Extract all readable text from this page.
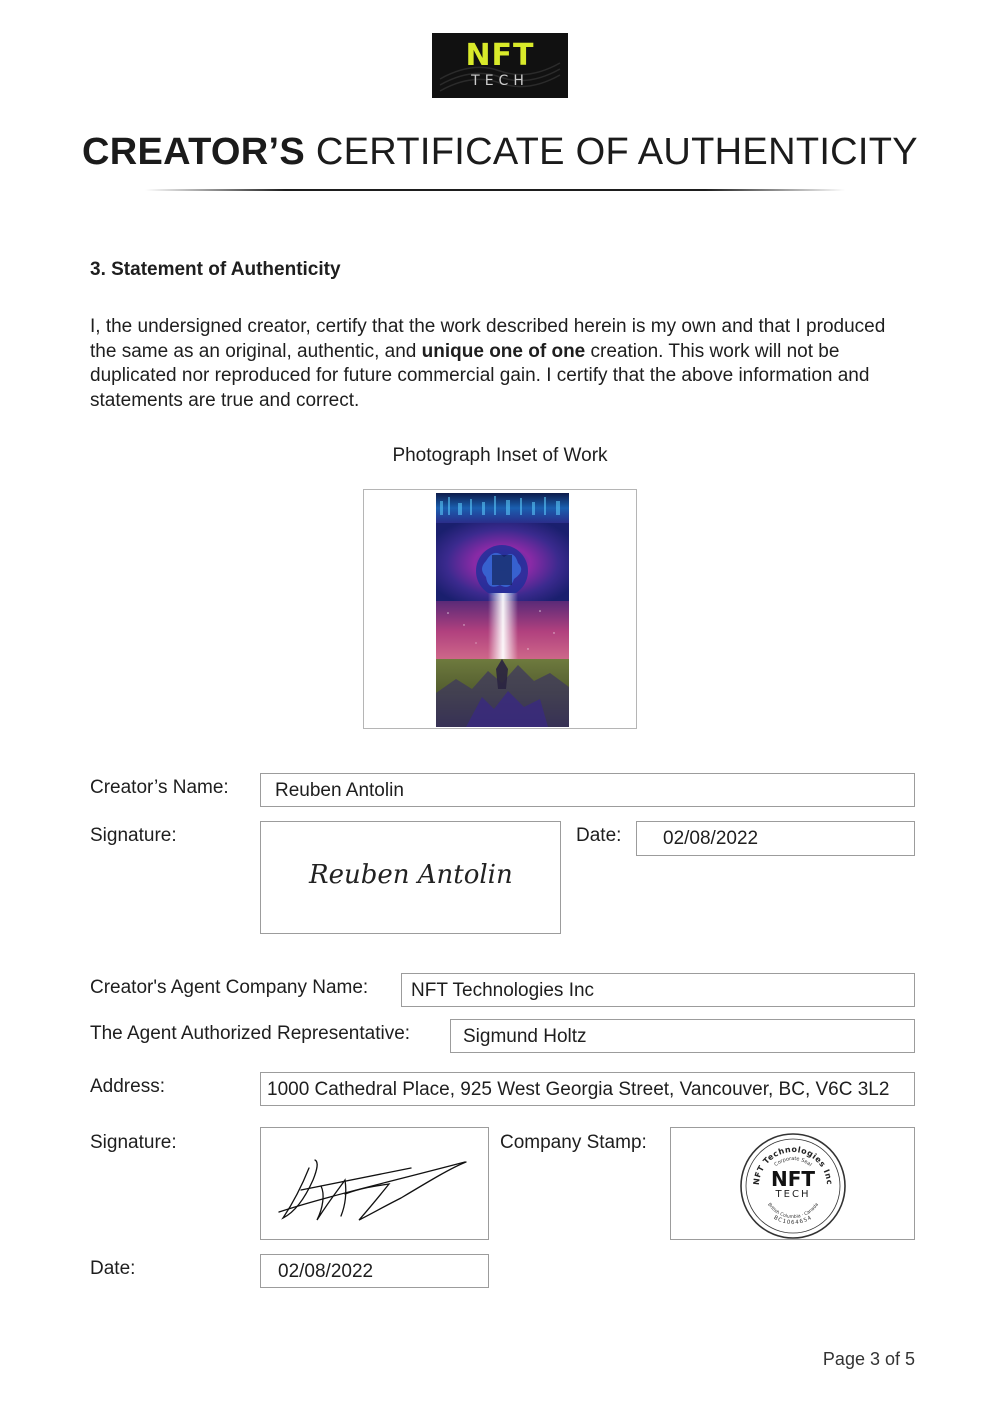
NFT
TECH
CREATOR’S CERTIFICATE OF AUTHENTICITY
3. Statement of Authenticity
I, the undersigned creator, certify that the work described herein is my own and that I produced the same as an original, authentic, and unique one of one creation. This work will not be duplicated nor reproduced for future commercial gain. I certify that the above information and statements are true and correct.
Photograph Inset of Work
Creator’s Name:	Reuben Antolin
Signature:
Reuben Antolin
Date:	02/08/2022
Creator's Agent Company Name:	NFT Technologies Inc
The Agent Authorized Representative:	Sigmund Holtz
Address:	1000 Cathedral Place, 925 West Georgia Street, Vancouver, BC, V6C 3L2
Signature:	Company Stamp:
NFT Technologies Inc
Corporate Seal
British Columbia · Canada
BC1064654
NFT
TECH
Date:	02/08/2022
Page 3 of 5
